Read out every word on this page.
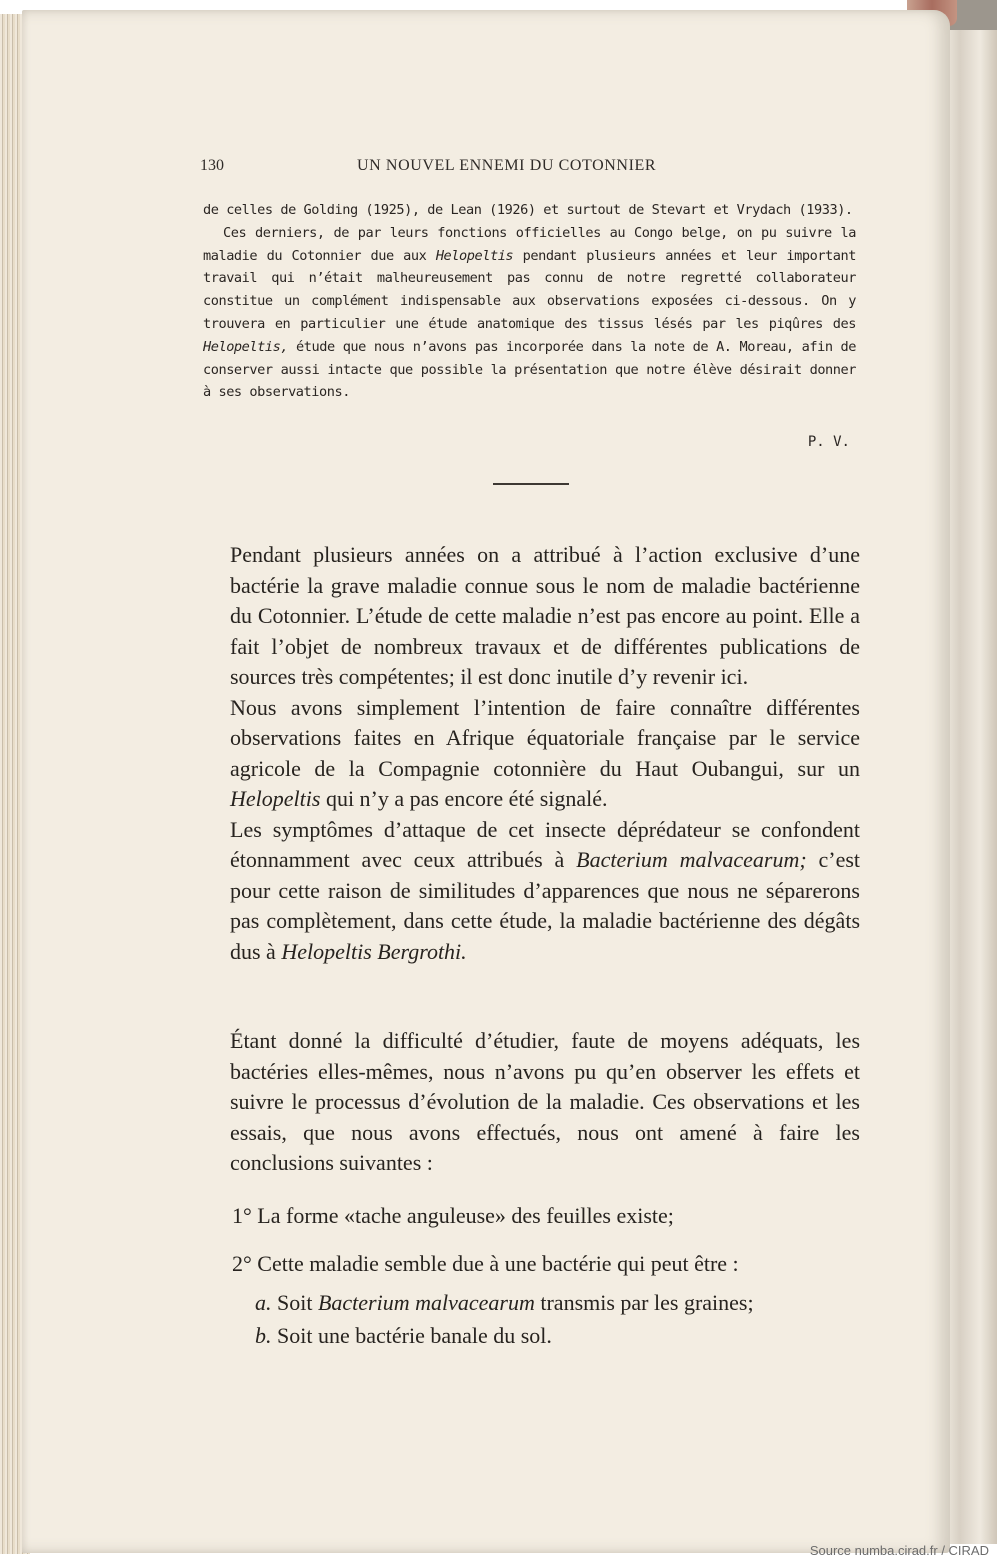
130	UN NOUVEL ENNEMI DU COTONNIER

de celles de Golding (1925), de Lean (1926) et surtout de Stevart et Vrydach (1933).

Ces derniers, de par leurs fonctions officielles au Congo belge, on pu suivre la maladie du Cotonnier due aux Helopeltis pendant plusieurs années et leur important travail qui n’était malheureusement pas connu de notre regretté collaborateur constitue un complément indispensable aux observations exposées ci-dessous. On y trouvera en particulier une étude anatomique des tissus lésés par les piqûres des Helopeltis, étude que nous n’avons pas incorporée dans la note de A. Moreau, afin de conserver aussi intacte que possible la présentation que notre élève désirait donner à ses observations.

P. V.

Pendant plusieurs années on a attribué à l’action exclusive d’une bactérie la grave maladie connue sous le nom de maladie bactérienne du Cotonnier. L’étude de cette maladie n’est pas encore au point. Elle a fait l’objet de nombreux travaux et de différentes publications de sources très compétentes; il est donc inutile d’y revenir ici.

Nous avons simplement l’intention de faire connaître différentes observations faites en Afrique équatoriale française par le service agricole de la Compagnie cotonnière du Haut Oubangui, sur un Helopeltis qui n’y a pas encore été signalé.

Les symptômes d’attaque de cet insecte déprédateur se confondent étonnamment avec ceux attribués à Bacterium malvacearum; c’est pour cette raison de similitudes d’apparences que nous ne séparerons pas complètement, dans cette étude, la maladie bactérienne des dégâts dus à Helopeltis Bergrothi.

Étant donné la difficulté d’étudier, faute de moyens adéquats, les bactéries elles-mêmes, nous n’avons pu qu’en observer les effets et suivre le processus d’évolution de la maladie. Ces observations et les essais, que nous avons effectués, nous ont amené à faire les conclusions suivantes :
1° La forme «tache anguleuse» des feuilles existe;
2° Cette maladie semble due à une bactérie qui peut être :
a. Soit Bacterium malvacearum transmis par les graines;
b. Soit une bactérie banale du sol.
Source numba.cirad.fr / CIRAD
